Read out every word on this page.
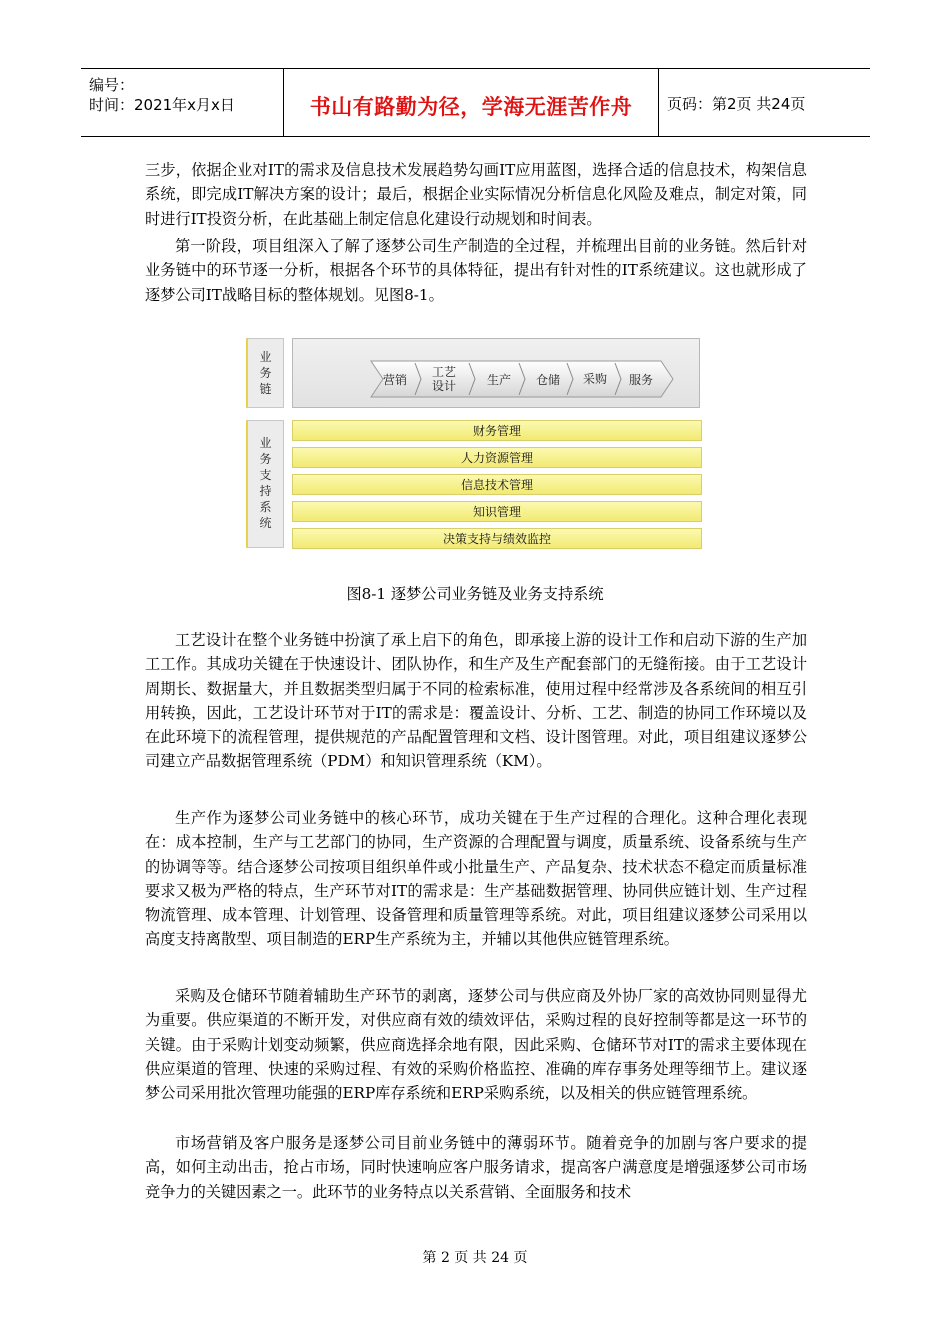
编号：
时间：2021年x月x日	书山有路勤为径，学海无涯苦作舟	页码：第2页 共24页

三步，依据企业对IT的需求及信息技术发展趋势勾画IT应用蓝图，选择合适的信息技术，构架信息系统，即完成IT解决方案的设计；最后，根据企业实际情况分析信息化风险及难点，制定对策，同时进行IT投资分析，在此基础上制定信息化建设行动规划和时间表。

第一阶段，项目组深入了解了逐梦公司生产制造的全过程，并梳理出目前的业务链。然后针对业务链中的环节逐一分析，根据各个环节的具体特征，提出有针对性的IT系统建议。这也就形成了逐梦公司IT战略目标的整体规划。见图8-1。

业
务
链
业
务
支
持
系
统
营销
工艺
设计	生产 仓储 采购 服务
财务管理
人力资源管理
信息技术管理
知识管理
决策支持与绩效监控
图8-1 逐梦公司业务链及业务支持系统

工艺设计在整个业务链中扮演了承上启下的角色，即承接上游的设计工作和启动下游的生产加工工作。其成功关键在于快速设计、团队协作，和生产及生产配套部门的无缝衔接。由于工艺设计周期长、数据量大，并且数据类型归属于不同的检索标准，使用过程中经常涉及各系统间的相互引用转换，因此，工艺设计环节对于IT的需求是：覆盖设计、分析、工艺、制造的协同工作环境以及在此环境下的流程管理，提供规范的产品配置管理和文档、设计图管理。对此，项目组建议逐梦公司建立产品数据管理系统（PDM）和知识管理系统（KM）。

生产作为逐梦公司业务链中的核心环节，成功关键在于生产过程的合理化。这种合理化表现在：成本控制，生产与工艺部门的协同，生产资源的合理配置与调度，质量系统、设备系统与生产的协调等等。结合逐梦公司按项目组织单件或小批量生产、产品复杂、技术状态不稳定而质量标准要求又极为严格的特点，生产环节对IT的需求是：生产基础数据管理、协同供应链计划、生产过程物流管理、成本管理、计划管理、设备管理和质量管理等系统。对此，项目组建议逐梦公司采用以高度支持离散型、项目制造的ERP生产系统为主，并辅以其他供应链管理系统。

采购及仓储环节随着辅助生产环节的剥离，逐梦公司与供应商及外协厂家的高效协同则显得尤为重要。供应渠道的不断开发，对供应商有效的绩效评估，采购过程的良好控制等都是这一环节的关键。由于采购计划变动频繁，供应商选择余地有限，因此采购、仓储环节对IT的需求主要体现在供应渠道的管理、快速的采购过程、有效的采购价格监控、准确的库存事务处理等细节上。建议逐梦公司采用批次管理功能强的ERP库存系统和ERP采购系统，以及相关的供应链管理系统。

市场营销及客户服务是逐梦公司目前业务链中的薄弱环节。随着竞争的加剧与客户要求的提高，如何主动出击，抢占市场，同时快速响应客户服务请求，提高客户满意度是增强逐梦公司市场竞争力的关键因素之一。此环节的业务特点以关系营销、全面服务和技术

第 2 页 共 24 页
